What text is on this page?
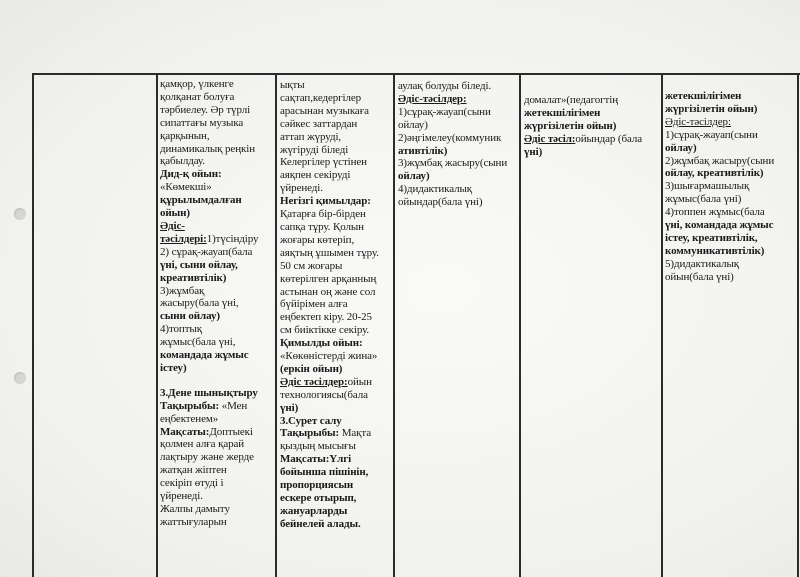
қамқор, үлкенге
қолқанат болуға
тәрбиелеу. Әр түрлі
сипаттағы музыка
қарқынын,
динамикалық реңкін
қабылдау.
Дид-қ ойын:
«Көмекші»
құрылымдалған
ойын)
Әдіс-
тәсілдері:1)түсіндіру
2) сұрақ-жауап(бала
үні, сыни ойлау,
креативтілік)
3)жұмбақ
жасыру(бала үні,
сыни ойлау)
4)топтық
жұмыс(бала үні,
командада жұмыс
істеу)
3.Дене шынықтыру
Тақырыбы: «Мен
еңбектенем»
Мақсаты:Доптыекі
қолмен алға қарай
лақтыру және жерде
жатқан жіптен
секіріп өтуді і
үйрeнеді.
Жалпы дамыту
жаттығуларын
ықты
сақтап,кедергілер
арасынан музыкаға
сәйкес заттардан
аттап жүруді,
жүгіруді біледі
Келергілер үстінен
аяқпен секіруді
үйренеді.
Негізгі қимылдар:
Қатарға бір-бірден
сапқа тұру. Қолын
жоғары көтеріп,
аяқтың ұшымен тұру.
50 см жоғары
көтерілген арқанның
астынан оң және сол
бүйірімен алға
еңбектеп кіру. 20-25
см биіктікке секіру.
Қимылды ойын:
«Көкөністерді жина»
(еркін ойын)
Әдіс тәсілдер:ойын
технологиясы(бала
үні)
3.Сурет салу
Тақырыбы: Мақта
қыздың мысығы
Мақсаты:Үлгі
бойынша пішінін,
пропорциясын
ескере отырып,
жануарларды
бейнелей алады.
аулақ болуды біледі.
Әдіс-тәсілдер:
1)сұрақ-жауап(сыни
ойлау)
2)әңгімелеу(коммуник
ативтілік)
3)жұмбақ жасыру(сыни
ойлау)
4)дидактикалық
ойындар(бала үні)
домалат»(педагогтің
жетекшілігімен
жүргізілетін ойын)
Әдіс тәсіл:ойындар (бала
үні)
жетекшілігімен
жүргізілетін ойын)
Әдіс-тәсілдер:
1)сұрақ-жауап(сыни
ойлау)
2)жұмбақ жасыру(сыни
ойлау, креативтілік)
3)шығармашылық
жұмыс(бала үні)
4)топпен жұмыс(бала
үні, командада жұмыс
істеу, креативтілік,
коммуникативтілік)
5)дидактикалық
ойын(бала үні)
